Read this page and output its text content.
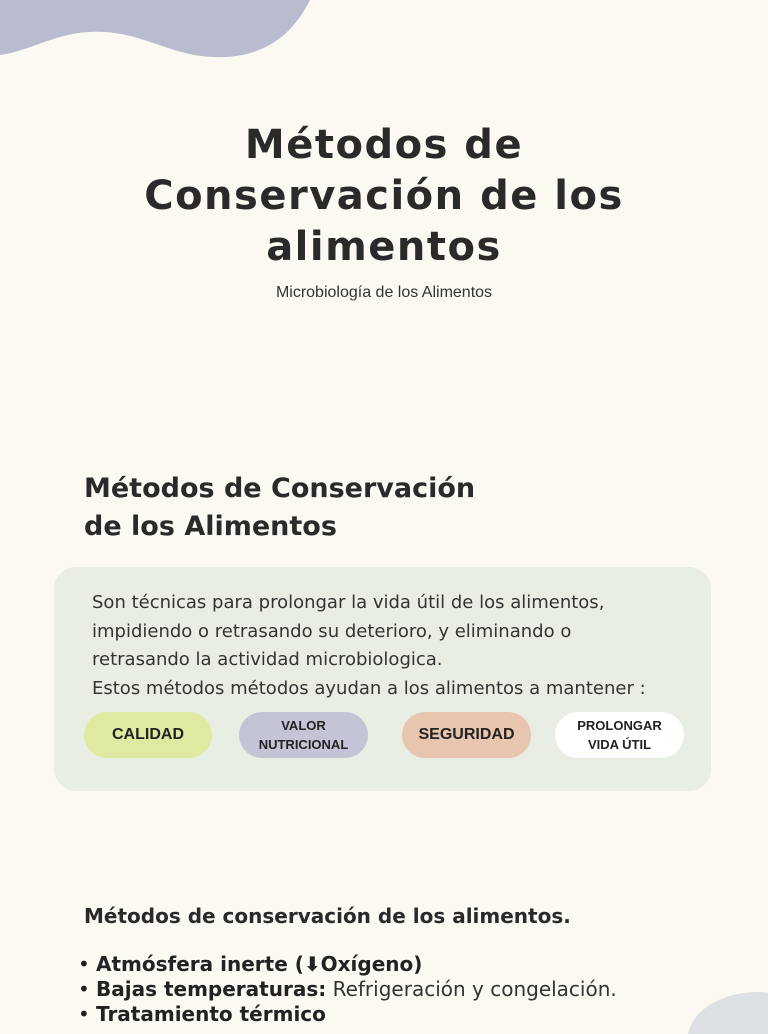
Métodos de
Conservación de los
alimentos
Microbiología de los Alimentos
Métodos de Conservación
de los Alimentos
Son técnicas para prolongar la vida útil de los alimentos,
impidiendo o retrasando su deterioro, y eliminando o
retrasando la actividad microbiologica.
Estos métodos métodos ayudan a los alimentos a mantener :
CALIDAD
VALOR
NUTRICIONAL
SEGURIDAD
PROLONGAR
VIDA ÚTIL
Métodos de conservación de los alimentos.
• Atmósfera inerte (⬇Oxígeno)
• Bajas temperaturas: Refrigeración y congelación.
• Tratamiento térmico
